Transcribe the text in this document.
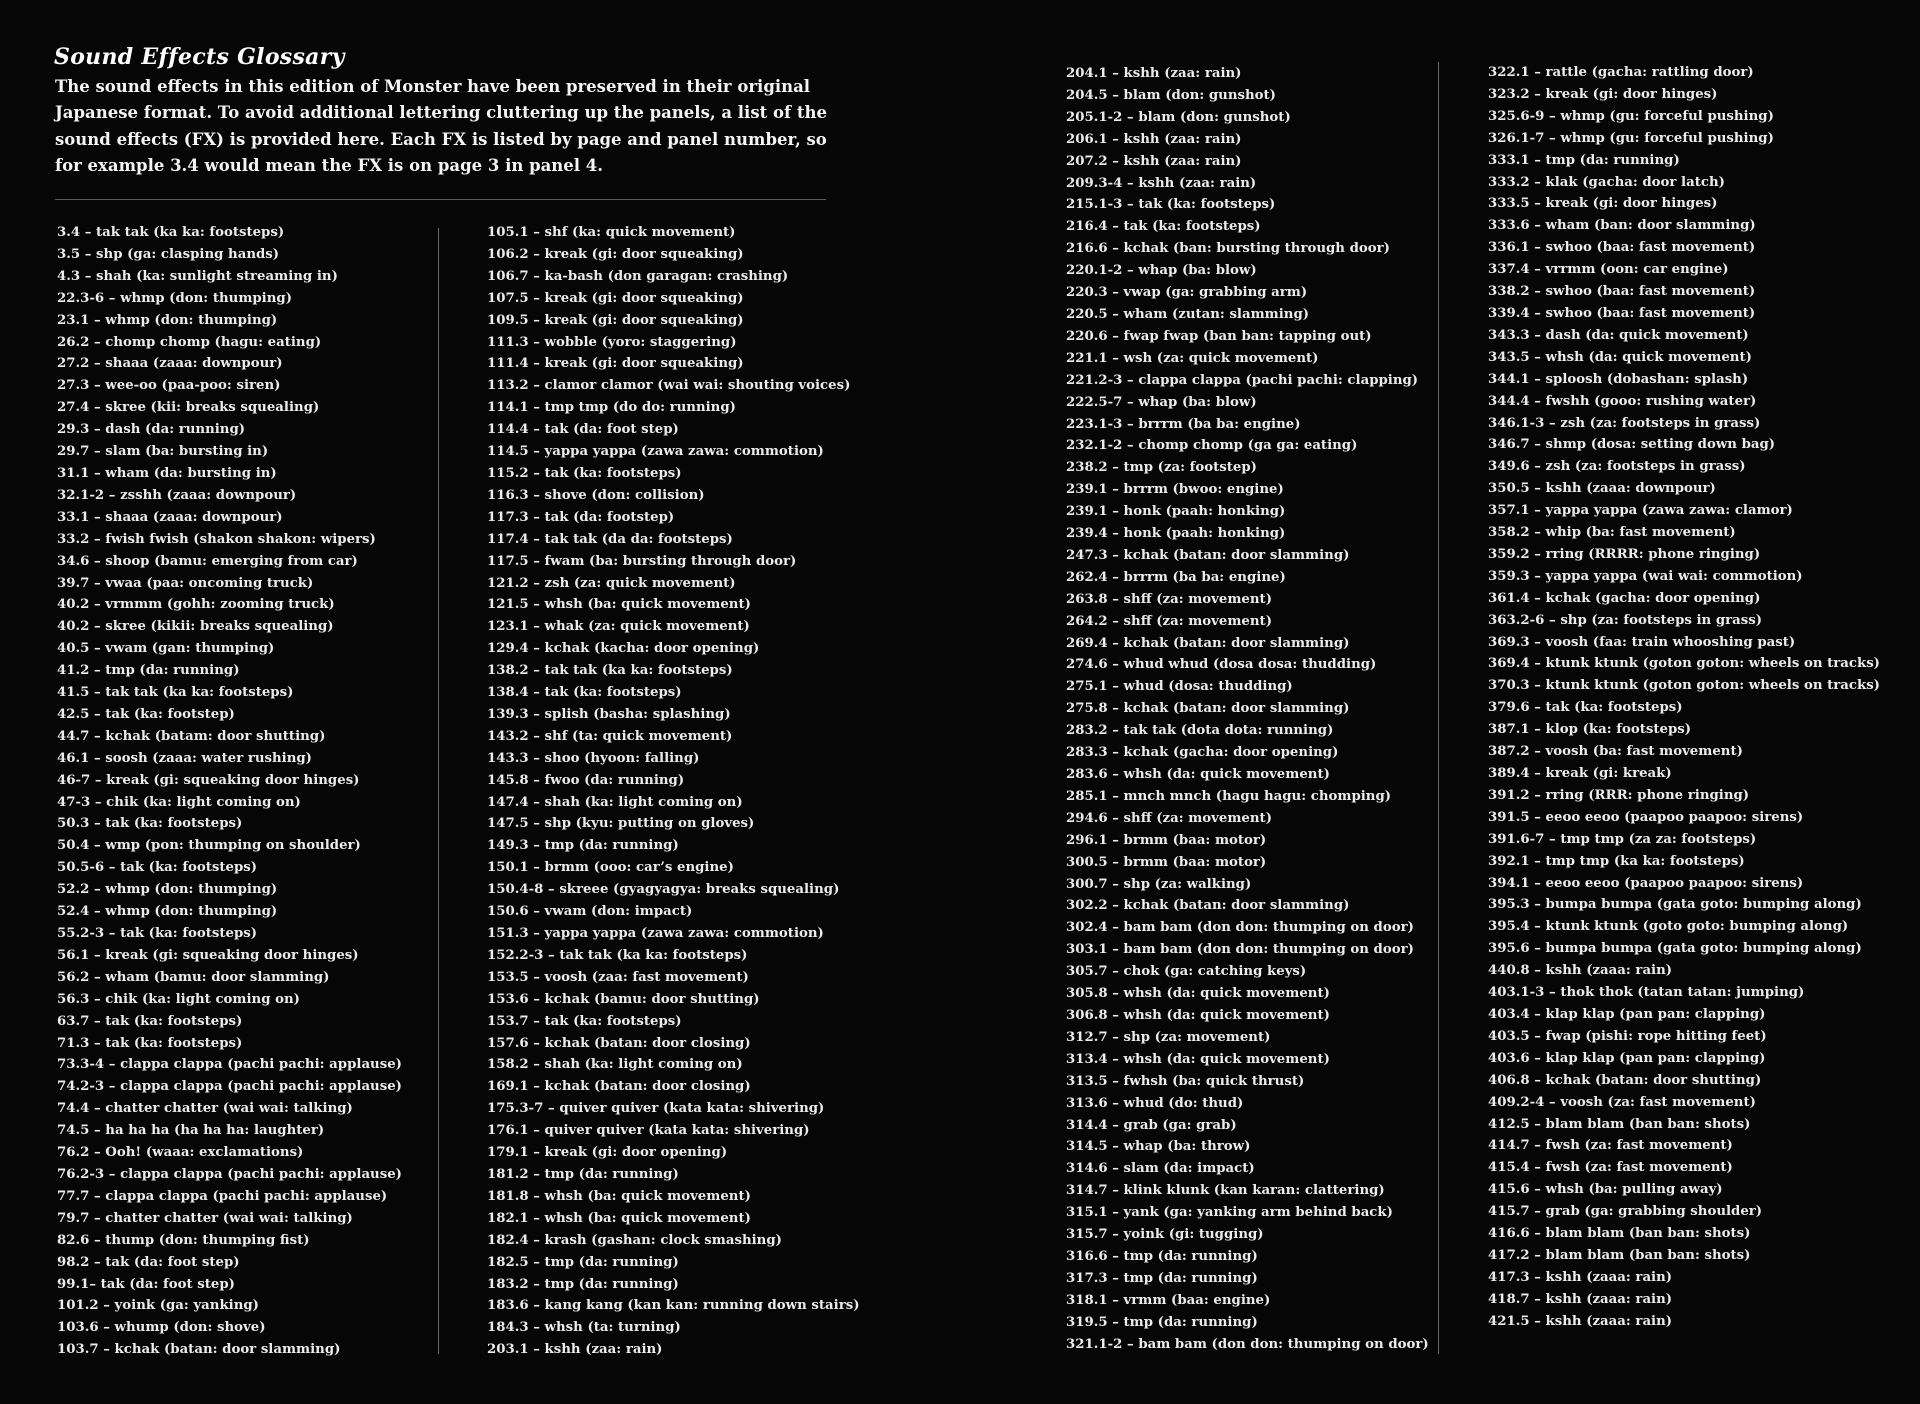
Sound Effects Glossary

The sound effects in this edition of Monster have been preserved in their original Japanese format. To avoid additional lettering cluttering up the panels, a list of the sound effects (FX) is provided here. Each FX is listed by page and panel number, so for example 3.4 would mean the FX is on page 3 in panel 4.

3.4 – tak tak (ka ka: footsteps)
3.5 – shp (ga: clasping hands)
4.3 – shah (ka: sunlight streaming in)
22.3-6 – whmp (don: thumping)
23.1 – whmp (don: thumping)
26.2 – chomp chomp (hagu: eating)
27.2 – shaaa (zaaa: downpour)
27.3 – wee-oo (paa-poo: siren)
27.4 – skree (kii: breaks squealing)
29.3 – dash (da: running)
29.7 – slam (ba: bursting in)
31.1 – wham (da: bursting in)
32.1-2 – zsshh (zaaa: downpour)
33.1 – shaaa (zaaa: downpour)
33.2 – fwish fwish (shakon shakon: wipers)
34.6 – shoop (bamu: emerging from car)
39.7 – vwaa (paa: oncoming truck)
40.2 – vrmmm (gohh: zooming truck)
40.2 – skree (kikii: breaks squealing)
40.5 – vwam (gan: thumping)
41.2 – tmp (da: running)
41.5 – tak tak (ka ka: footsteps)
42.5 – tak (ka: footstep)
44.7 – kchak (batam: door shutting)
46.1 – soosh (zaaa: water rushing)
46-7 – kreak (gi: squeaking door hinges)
47-3 – chik (ka: light coming on)
50.3 – tak (ka: footsteps)
50.4 – wmp (pon: thumping on shoulder)
50.5-6 – tak (ka: footsteps)
52.2 – whmp (don: thumping)
52.4 – whmp (don: thumping)
55.2-3 – tak (ka: footsteps)
56.1 – kreak (gi: squeaking door hinges)
56.2 – wham (bamu: door slamming)
56.3 – chik (ka: light coming on)
63.7 – tak (ka: footsteps)
71.3 – tak (ka: footsteps)
73.3-4 – clappa clappa (pachi pachi: applause)
74.2-3 – clappa clappa (pachi pachi: applause)
74.4 – chatter chatter (wai wai: talking)
74.5 – ha ha ha (ha ha ha: laughter)
76.2 – Ooh! (waaa: exclamations)
76.2-3 – clappa clappa (pachi pachi: applause)
77.7 – clappa clappa (pachi pachi: applause)
79.7 – chatter chatter (wai wai: talking)
82.6 – thump (don: thumping fist)
98.2 – tak (da: foot step)
99.1– tak (da: foot step)
101.2 – yoink (ga: yanking)
103.6 – whump (don: shove)
103.7 – kchak (batan: door slamming)
105.1 – shf (ka: quick movement)
106.2 – kreak (gi: door squeaking)
106.7 – ka-bash (don garagan: crashing)
107.5 – kreak (gi: door squeaking)
109.5 – kreak (gi: door squeaking)
111.3 – wobble (yoro: staggering)
111.4 – kreak (gi: door squeaking)
113.2 – clamor clamor (wai wai: shouting voices)
114.1 – tmp tmp (do do: running)
114.4 – tak (da: foot step)
114.5 – yappa yappa (zawa zawa: commotion)
115.2 – tak (ka: footsteps)
116.3 – shove (don: collision)
117.3 – tak (da: footstep)
117.4 – tak tak (da da: footsteps)
117.5 – fwam (ba: bursting through door)
121.2 – zsh (za: quick movement)
121.5 – whsh (ba: quick movement)
123.1 – whak (za: quick movement)
129.4 – kchak (kacha: door opening)
138.2 – tak tak (ka ka: footsteps)
138.4 – tak (ka: footsteps)
139.3 – splish (basha: splashing)
143.2 – shf (ta: quick movement)
143.3 – shoo (hyoon: falling)
145.8 – fwoo (da: running)
147.4 – shah (ka: light coming on)
147.5 – shp (kyu: putting on gloves)
149.3 – tmp (da: running)
150.1 – brmm (ooo: car’s engine)
150.4-8 – skreee (gyagyagya: breaks squealing)
150.6 – vwam (don: impact)
151.3 – yappa yappa (zawa zawa: commotion)
152.2-3 – tak tak (ka ka: footsteps)
153.5 – voosh (zaa: fast movement)
153.6 – kchak (bamu: door shutting)
153.7 – tak (ka: footsteps)
157.6 – kchak (batan: door closing)
158.2 – shah (ka: light coming on)
169.1 – kchak (batan: door closing)
175.3-7 – quiver quiver (kata kata: shivering)
176.1 – quiver quiver (kata kata: shivering)
179.1 – kreak (gi: door opening)
181.2 – tmp (da: running)
181.8 – whsh (ba: quick movement)
182.1 – whsh (ba: quick movement)
182.4 – krash (gashan: clock smashing)
182.5 – tmp (da: running)
183.2 – tmp (da: running)
183.6 – kang kang (kan kan: running down stairs)
184.3 – whsh (ta: turning)
203.1 – kshh (zaa: rain)
204.1 – kshh (zaa: rain)
204.5 – blam (don: gunshot)
205.1-2 – blam (don: gunshot)
206.1 – kshh (zaa: rain)
207.2 – kshh (zaa: rain)
209.3-4 – kshh (zaa: rain)
215.1-3 – tak (ka: footsteps)
216.4 – tak (ka: footsteps)
216.6 – kchak (ban: bursting through door)
220.1-2 – whap (ba: blow)
220.3 – vwap (ga: grabbing arm)
220.5 – wham (zutan: slamming)
220.6 – fwap fwap (ban ban: tapping out)
221.1 – wsh (za: quick movement)
221.2-3 – clappa clappa (pachi pachi: clapping)
222.5-7 – whap (ba: blow)
223.1-3 – brrrm (ba ba: engine)
232.1-2 – chomp chomp (ga ga: eating)
238.2 – tmp (za: footstep)
239.1 – brrrm (bwoo: engine)
239.1 – honk (paah: honking)
239.4 – honk (paah: honking)
247.3 – kchak (batan: door slamming)
262.4 – brrrm (ba ba: engine)
263.8 – shff (za: movement)
264.2 – shff (za: movement)
269.4 – kchak (batan: door slamming)
274.6 – whud whud (dosa dosa: thudding)
275.1 – whud (dosa: thudding)
275.8 – kchak (batan: door slamming)
283.2 – tak tak (dota dota: running)
283.3 – kchak (gacha: door opening)
283.6 – whsh (da: quick movement)
285.1 – mnch mnch (hagu hagu: chomping)
294.6 – shff (za: movement)
296.1 – brmm (baa: motor)
300.5 – brmm (baa: motor)
300.7 – shp (za: walking)
302.2 – kchak (batan: door slamming)
302.4 – bam bam (don don: thumping on door)
303.1 – bam bam (don don: thumping on door)
305.7 – chok (ga: catching keys)
305.8 – whsh (da: quick movement)
306.8 – whsh (da: quick movement)
312.7 – shp (za: movement)
313.4 – whsh (da: quick movement)
313.5 – fwhsh (ba: quick thrust)
313.6 – whud (do: thud)
314.4 – grab (ga: grab)
314.5 – whap (ba: throw)
314.6 – slam (da: impact)
314.7 – klink klunk (kan karan: clattering)
315.1 – yank (ga: yanking arm behind back)
315.7 – yoink (gi: tugging)
316.6 – tmp (da: running)
317.3 – tmp (da: running)
318.1 – vrmm (baa: engine)
319.5 – tmp (da: running)
321.1-2 – bam bam (don don: thumping on door)
322.1 – rattle (gacha: rattling door)
323.2 – kreak (gi: door hinges)
325.6-9 – whmp (gu: forceful pushing)
326.1-7 – whmp (gu: forceful pushing)
333.1 – tmp (da: running)
333.2 – klak (gacha: door latch)
333.5 – kreak (gi: door hinges)
333.6 – wham (ban: door slamming)
336.1 – swhoo (baa: fast movement)
337.4 – vrrmm (oon: car engine)
338.2 – swhoo (baa: fast movement)
339.4 – swhoo (baa: fast movement)
343.3 – dash (da: quick movement)
343.5 – whsh (da: quick movement)
344.1 – sploosh (dobashan: splash)
344.4 – fwshh (gooo: rushing water)
346.1-3 – zsh (za: footsteps in grass)
346.7 – shmp (dosa: setting down bag)
349.6 – zsh (za: footsteps in grass)
350.5 – kshh (zaaa: downpour)
357.1 – yappa yappa (zawa zawa: clamor)
358.2 – whip (ba: fast movement)
359.2 – rring (RRRR: phone ringing)
359.3 – yappa yappa (wai wai: commotion)
361.4 – kchak (gacha: door opening)
363.2-6 – shp (za: footsteps in grass)
369.3 – voosh (faa: train whooshing past)
369.4 – ktunk ktunk (goton goton: wheels on tracks)
370.3 – ktunk ktunk (goton goton: wheels on tracks)
379.6 – tak (ka: footsteps)
387.1 – klop (ka: footsteps)
387.2 – voosh (ba: fast movement)
389.4 – kreak (gi: kreak)
391.2 – rring (RRR: phone ringing)
391.5 – eeoo eeoo (paapoo paapoo: sirens)
391.6-7 – tmp tmp (za za: footsteps)
392.1 – tmp tmp (ka ka: footsteps)
394.1 – eeoo eeoo (paapoo paapoo: sirens)
395.3 – bumpa bumpa (gata goto: bumping along)
395.4 – ktunk ktunk (goto goto: bumping along)
395.6 – bumpa bumpa (gata goto: bumping along)
440.8 – kshh (zaaa: rain)
403.1-3 – thok thok (tatan tatan: jumping)
403.4 – klap klap (pan pan: clapping)
403.5 – fwap (pishi: rope hitting feet)
403.6 – klap klap (pan pan: clapping)
406.8 – kchak (batan: door shutting)
409.2-4 – voosh (za: fast movement)
412.5 – blam blam (ban ban: shots)
414.7 – fwsh (za: fast movement)
415.4 – fwsh (za: fast movement)
415.6 – whsh (ba: pulling away)
415.7 – grab (ga: grabbing shoulder)
416.6 – blam blam (ban ban: shots)
417.2 – blam blam (ban ban: shots)
417.3 – kshh (zaaa: rain)
418.7 – kshh (zaaa: rain)
421.5 – kshh (zaaa: rain)
